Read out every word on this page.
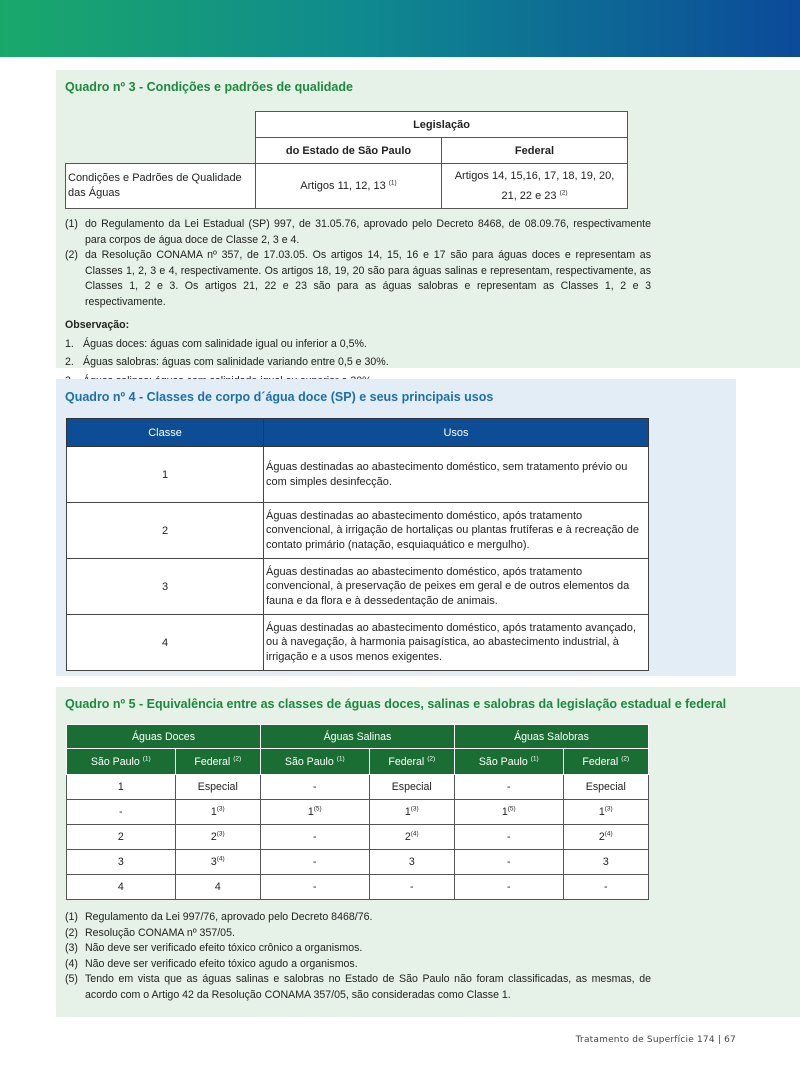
Quadro nº 3 - Condições e padrões de qualidade
	Legislação	
	do Estado de São Paulo	Federal
Condições e Padrões de Qualidade
das Águas	Artigos 11, 12, 13 $^{(1)}$	Artigos 14, 15,16, 17, 18, 19, 20,
21, 22 e 23 $^{(2)}$
(1) do Regulamento da Lei Estadual (SP) 997, de 31.05.76, aprovado pelo Decreto 8468, de 08.09.76, respectivamente para corpos de água doce de Classe 2, 3 e 4.
(2) da Resolução CONAMA nº 357, de 17.03.05. Os artigos 14, 15, 16 e 17 são para águas doces e representam as Classes 1, 2, 3 e 4, respectivamente. Os artigos 18, 19, 20 são para águas salinas e representam, respectivamente, as Classes 1, 2 e 3. Os artigos 21, 22 e 23 são para as águas salobras e representam as Classes 1, 2 e 3 respectivamente.
Observação:
1. Águas doces: águas com salinidade igual ou inferior a 0,5%.
2. Águas salobras: águas com salinidade variando entre 0,5 e 30%.
Quadro nº 4 - Classes de corpo d´água doce (SP) e seus principais usos
Classe	Usos
1	Águas destinadas ao abastecimento doméstico, sem tratamento prévio ou com simples desinfecção.
2	Águas destinadas ao abastecimento doméstico, após tratamento convencional, à irrigação de hortaliças ou plantas frutíferas e à recreação de contato primário (natação, esquiaquático e mergulho).
3	Águas destinadas ao abastecimento doméstico, após tratamento convencional, à preservação de peixes em geral e de outros elementos da fauna e da flora e à dessedentação de animais.
4	Águas destinadas ao abastecimento doméstico, após tratamento avançado, ou à navegação, à harmonia paisagística, ao abastecimento industrial, à irrigação e a usos menos exigentes.
Quadro nº 5 - Equivalência entre as classes de águas doces, salinas e salobras da legislação estadual e federal
Águas Doces		Águas Salinas		Águas Salobras	
São Paulo $^{(1)}$	Federal $^{(2)}$	São Paulo $^{(1)}$	Federal $^{(2)}$	São Paulo $^{(1)}$	Federal $^{(2)}$
1	Especial	-	Especial	-	Especial
-	1$^{(3)}$	1$^{(5)}$	1$^{(3)}$	1$^{(5)}$	1$^{(3)}$
2	2$^{(3)}$	-	2$^{(4)}$	-	2$^{(4)}$
3	3$^{(4)}$	-	3	-	3
4	4	-	-	-	-
(1) Regulamento da Lei 997/76, aprovado pelo Decreto 8468/76.
(2) Resolução CONAMA nº 357/05.
(3) Não deve ser verificado efeito tóxico crônico a organismos.
(4) Não deve ser verificado efeito tóxico agudo a organismos.
(5) Tendo em vista que as águas salinas e salobras no Estado de São Paulo não foram classificadas, as mesmas, de acordo com o Artigo 42 da Resolução CONAMA 357/05, são consideradas como Classe 1.
Tratamento de Superfície 174 | 67
